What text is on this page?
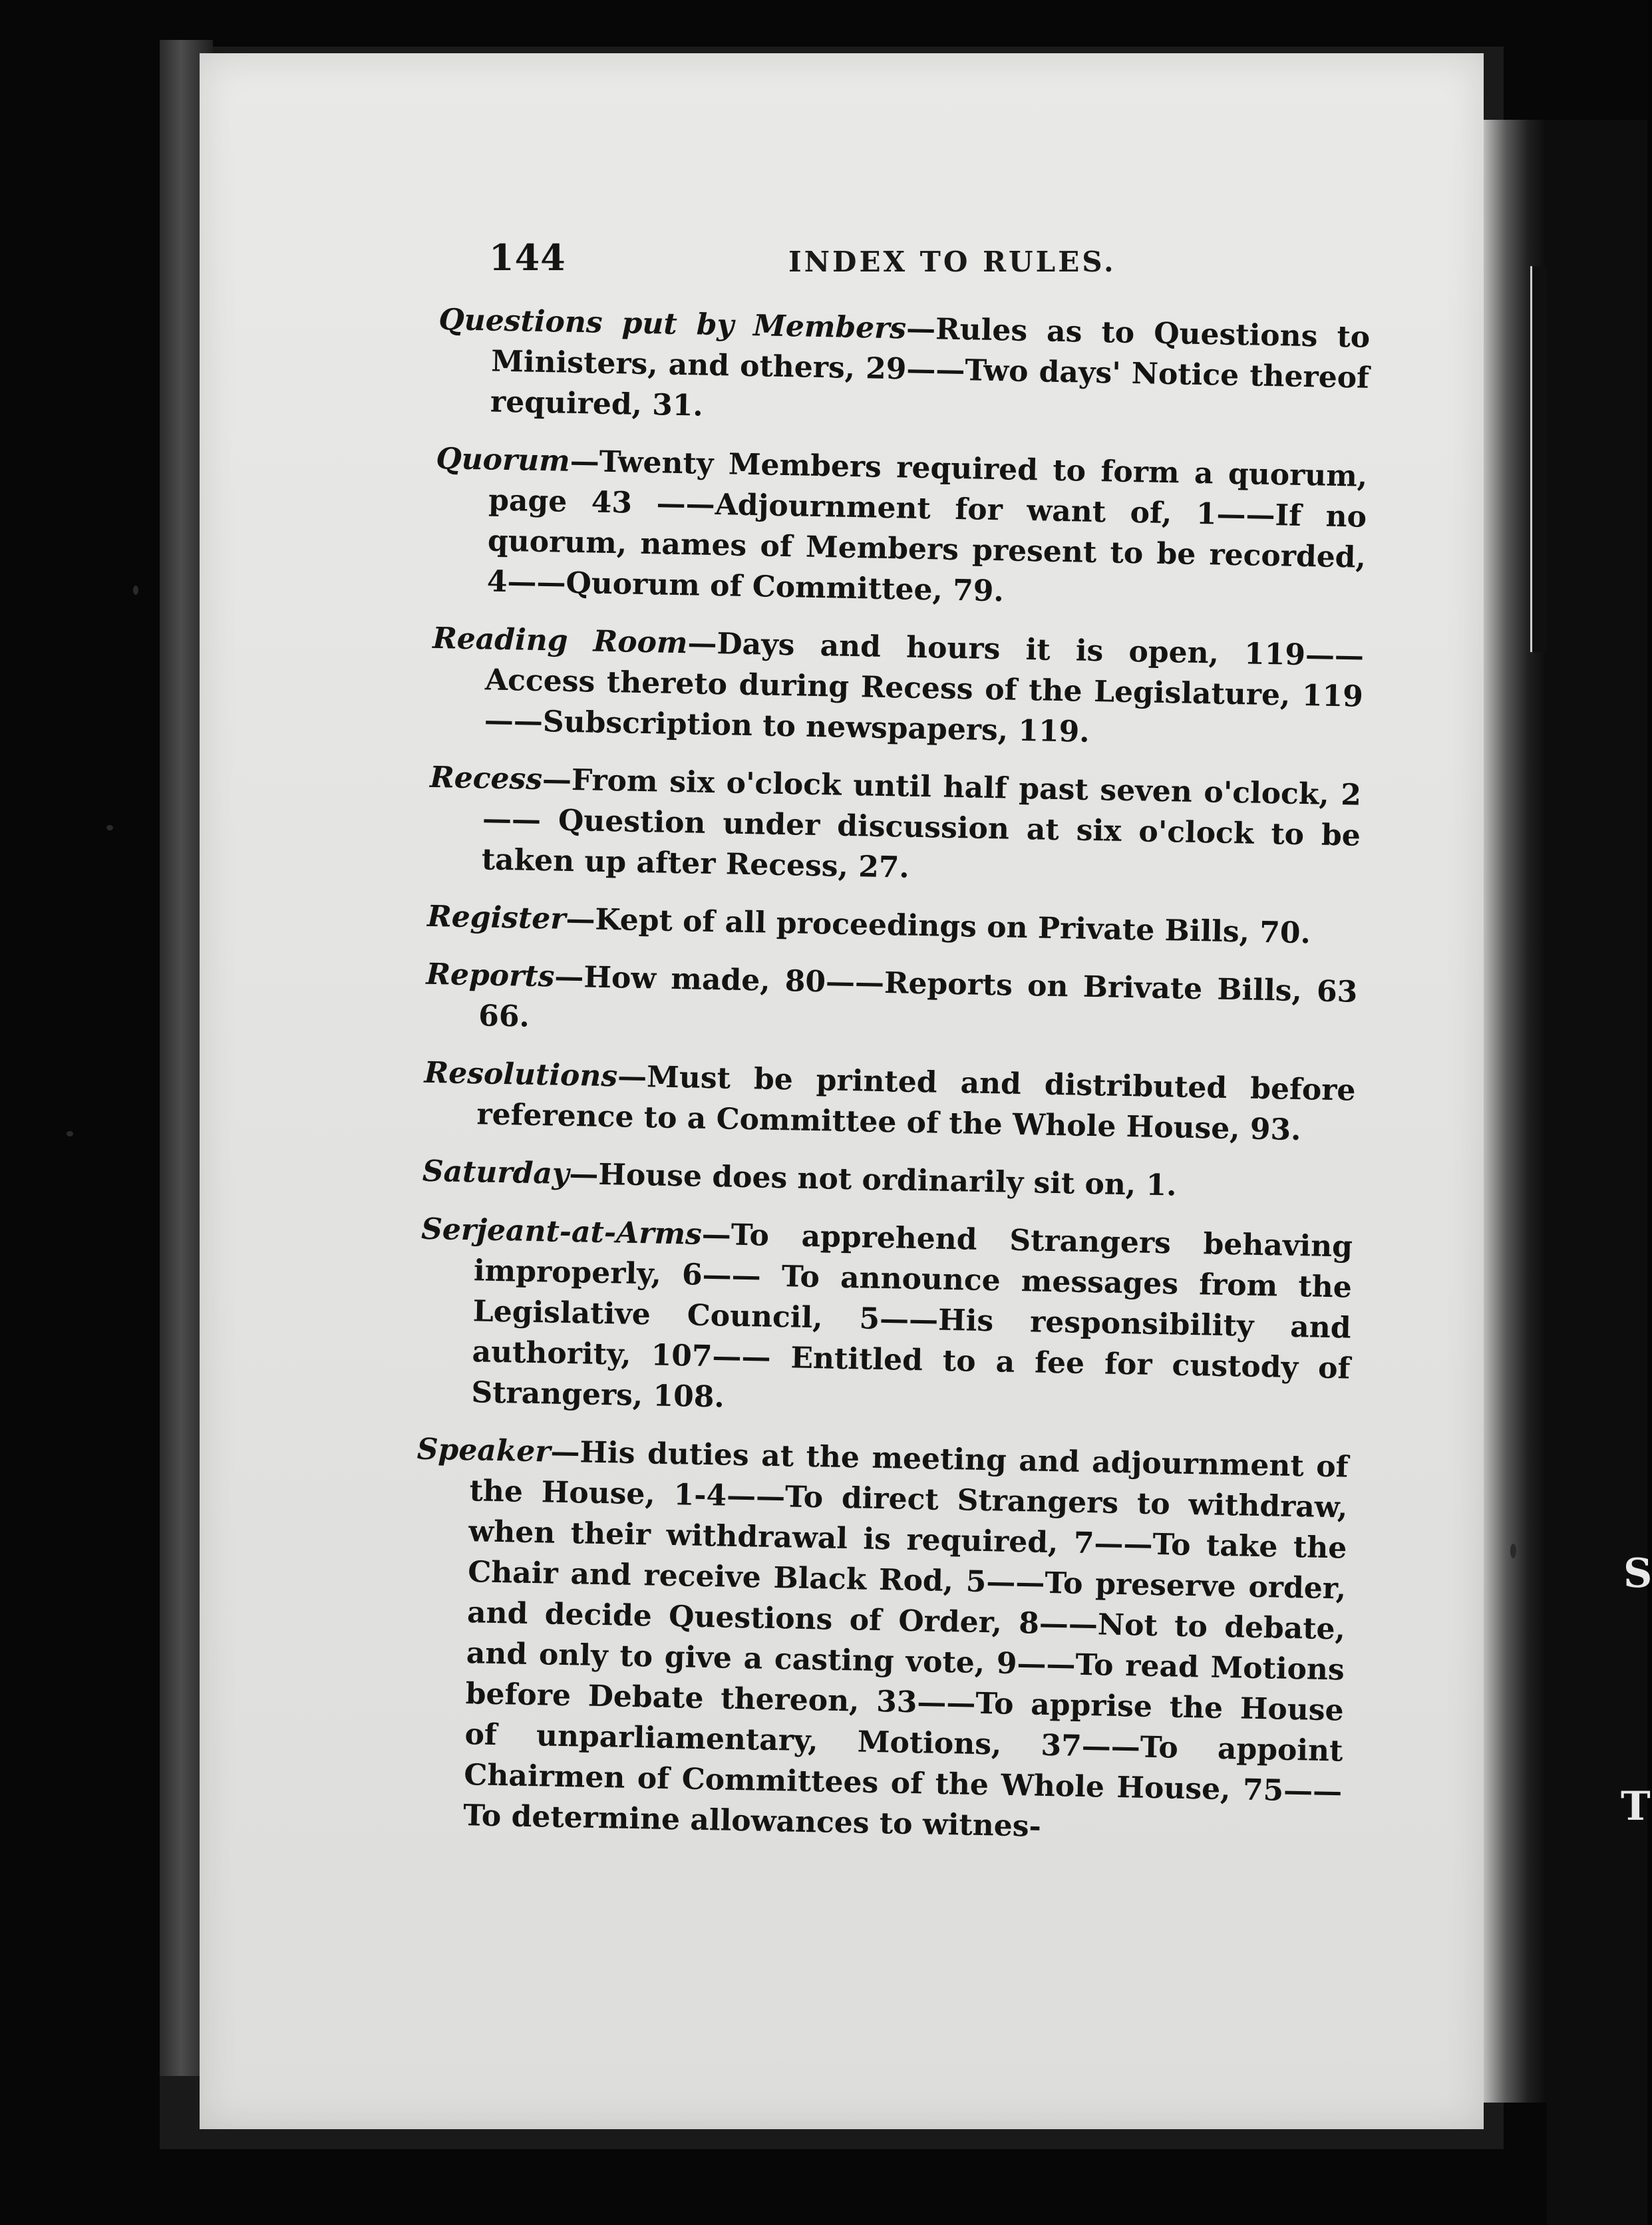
S
T
144	INDEX TO RULES.

Questions put by Members—Rules as to Questions to Ministers, and others, 29——Two days' Notice thereof required, 31.

Quorum—Twenty Members required to form a quorum, page 43 ——Adjournment for want of, 1——If no quorum, names of Members present to be recorded, 4——Quorum of Committee, 79.

Reading Room—Days and hours it is open, 119——Access thereto during Recess of the Legislature, 119——Subscription to newspapers, 119.

Recess—From six o'clock until half past seven o'clock, 2—— Question under discussion at six o'clock to be taken up after Recess, 27.

Register—Kept of all proceedings on Private Bills, 70.

Reports—How made, 80——Reports on Brivate Bills, 63 66.

Resolutions—Must be printed and distributed before reference to a Committee of the Whole House, 93.

Saturday—House does not ordinarily sit on, 1.

Serjeant-at-Arms—To apprehend Strangers behaving improperly, 6—— To announce messages from the Legislative Council, 5——His responsibility and authority, 107—— Entitled to a fee for custody of Strangers, 108.

Speaker—His duties at the meeting and adjournment of the House, 1-4——To direct Strangers to withdraw, when their withdrawal is required, 7——To take the Chair and receive Black Rod, 5——To preserve order, and decide Questions of Order, 8——Not to debate, and only to give a casting vote, 9——To read Motions before Debate thereon, 33——To apprise the House of unparliamentary, Motions, 37——To appoint Chairmen of Committees of the Whole House, 75——To determine allowances to witnes-
